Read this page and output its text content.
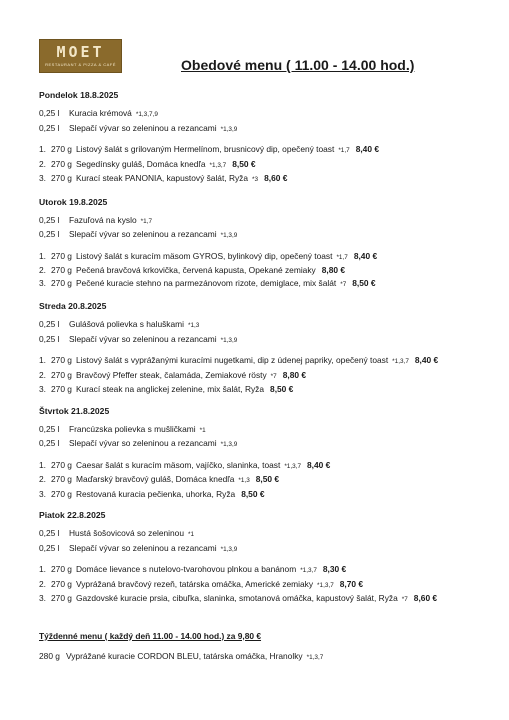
MOET
RESTAURANT & PIZZA & CAFÉ	Obedové menu ( 11.00 - 14.00 hod.)
Pondelok 18.8.2025
0,25 l Kuracia krémová *1,3,7,9
0,25 l Slepačí vývar so zeleninou a rezancami *1,3,9
1. 270 g Listový šalát s grilovaným Hermelínom, brusnicový dip, opečený toast *1,7 8,40 €
2. 270 g Segedínsky guláš, Domáca knedľa *1,3,7 8,50 €
3. 270 g Kurací steak PANONIA, kapustový šalát, Ryža *3 8,60 €
Utorok 19.8.2025
0,25 l Fazuľová na kyslo *1,7
0,25 l Slepačí vývar so zeleninou a rezancami *1,3,9
1. 270 g Listový šalát s kuracím mäsom GYROS, bylinkový dip, opečený toast *1,7 8,40 €
2. 270 g Pečená bravčová krkovička, červená kapusta, Opekané zemiaky 8,80 €
3. 270 g Pečené kuracie stehno na parmezánovom rizote, demiglace, mix šalát *7 8,50 €
Streda 20.8.2025
0,25 l Gulášová polievka s haluškami *1,3
0,25 l Slepačí vývar so zeleninou a rezancami *1,3,9
1. 270 g Listový šalát s vyprážanými kuracími nugetkami, dip z údenej papriky, opečený toast *1,3,7 8,40 €
2. 270 g Bravčový Pfeffer steak, čalamáda, Zemiakové rösty *7 8,80 €
3. 270 g Kurací steak na anglickej zelenine, mix šalát, Ryža 8,50 €
Štvrtok 21.8.2025
0,25 l Francúzska polievka s mušličkami *1
0,25 l Slepačí vývar so zeleninou a rezancami *1,3,9
1. 270 g Caesar šalát s kuracím mäsom, vajíčko, slaninka, toast *1,3,7 8,40 €
2. 270 g Maďarský bravčový guláš, Domáca knedľa *1,3 8,50 €
3. 270 g Restovaná kuracia pečienka, uhorka, Ryža 8,50 €
Piatok 22.8.2025
0,25 l Hustá šošovicová so zeleninou *1
0,25 l Slepačí vývar so zeleninou a rezancami *1,3,9
1. 270 g Domáce lievance s nutelovo-tvarohovou plnkou a banánom *1,3,7 8,30 €
2. 270 g Vyprážaná bravčový rezeň, tatárska omáčka, Americké zemiaky *1,3,7 8,70 €
3. 270 g Gazdovské kuracie prsia, cibuľka, slaninka, smotanová omáčka, kapustový šalát, Ryža *7 8,60 €
Týždenné menu ( každý deň 11.00 - 14.00 hod.) za 9,80 €
280 g Vyprážané kuracie CORDON BLEU, tatárska omáčka, Hranolky *1,3,7
